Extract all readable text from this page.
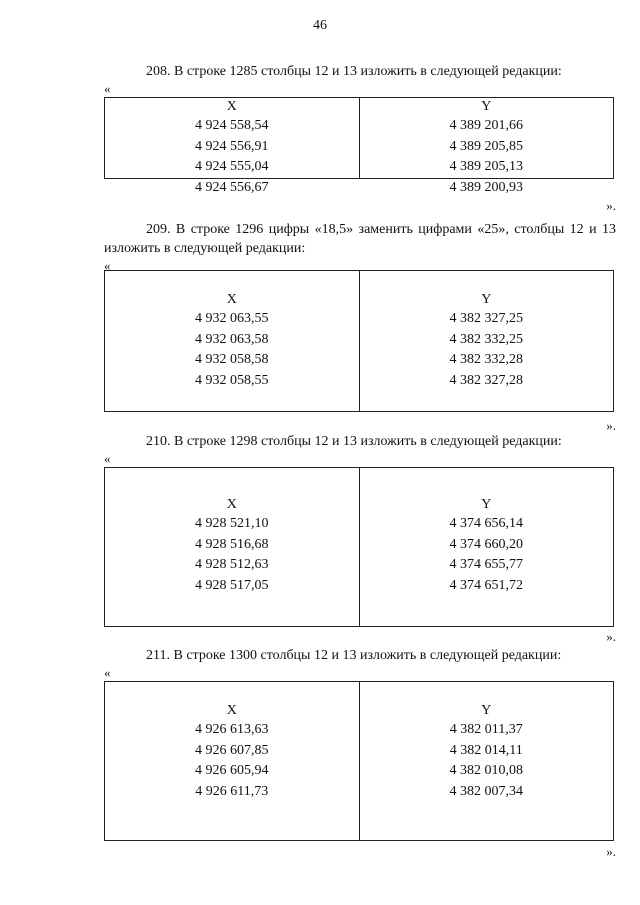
46
208. В строке 1285 столбцы 12 и 13 изложить в следующей редакции:
«
X
4 924 558,54
4 924 556,91
4 924 555,04
4 924 556,67
Y
4 389 201,66
4 389 205,85
4 389 205,13
4 389 200,93
».
209. В строке 1296 цифры «18,5» заменить цифрами «25», столбцы 12 и 13 изложить в следующей редакции:
«
X
4 932 063,55
4 932 063,58
4 932 058,58
4 932 058,55
Y
4 382 327,25
4 382 332,25
4 382 332,28
4 382 327,28
».
210. В строке 1298 столбцы 12 и 13 изложить в следующей редакции:
«
X
4 928 521,10
4 928 516,68
4 928 512,63
4 928 517,05
Y
4 374 656,14
4 374 660,20
4 374 655,77
4 374 651,72
».
211. В строке 1300 столбцы 12 и 13 изложить в следующей редакции:
«
X
4 926 613,63
4 926 607,85
4 926 605,94
4 926 611,73
Y
4 382 011,37
4 382 014,11
4 382 010,08
4 382 007,34
».
